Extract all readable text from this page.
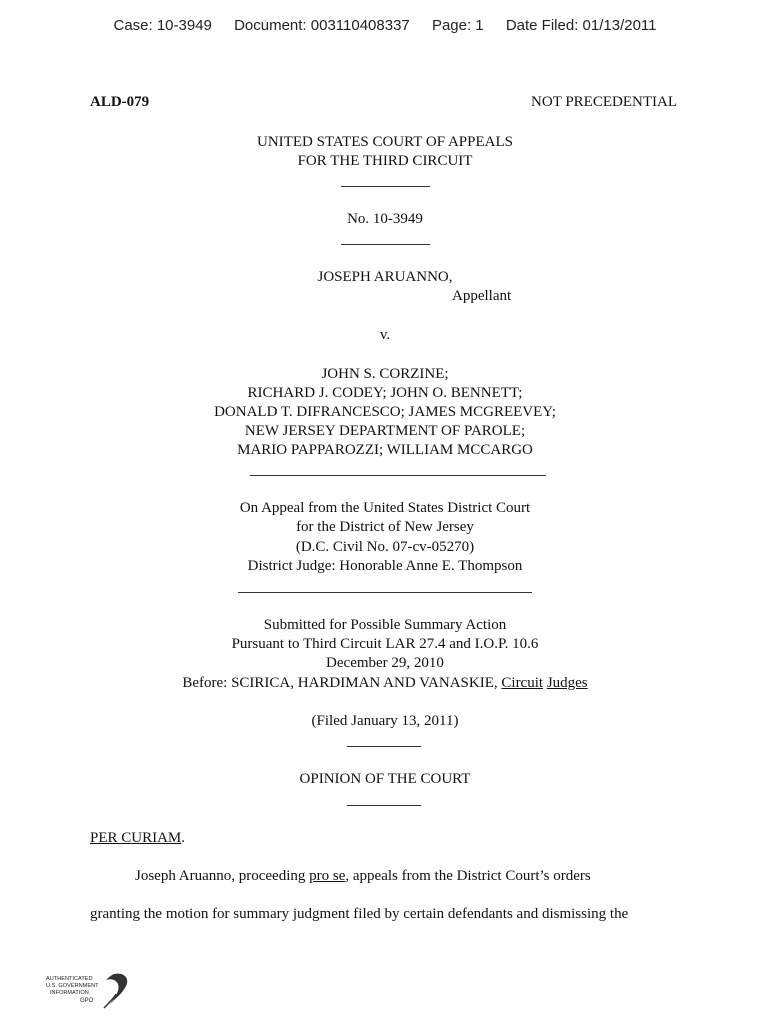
Case: 10-3949 Document: 003110408337 Page: 1 Date Filed: 01/13/2011
ALD-079	NOT PRECEDENTIAL
UNITED STATES COURT OF APPEALS
FOR THE THIRD CIRCUIT
No. 10-3949
JOSEPH ARUANNO,
Appellant
v.
JOHN S. CORZINE;
RICHARD J. CODEY; JOHN O. BENNETT;
DONALD T. DIFRANCESCO; JAMES MCGREEVEY;
NEW JERSEY DEPARTMENT OF PAROLE;
MARIO PAPPAROZZI; WILLIAM MCCARGO
On Appeal from the United States District Court
for the District of New Jersey
(D.C. Civil No. 07-cv-05270)
District Judge: Honorable Anne E. Thompson
Submitted for Possible Summary Action
Pursuant to Third Circuit LAR 27.4 and I.O.P. 10.6
December 29, 2010
Before: SCIRICA, HARDIMAN AND VANASKIE, Circuit Judges
(Filed January 13, 2011)
OPINION OF THE COURT
PER CURIAM.
Joseph Aruanno, proceeding pro se, appeals from the District Court’s orders
granting the motion for summary judgment filed by certain defendants and dismissing the
AUTHENTICATED
U.S. GOVERNMENT
INFORMATION
GPO
